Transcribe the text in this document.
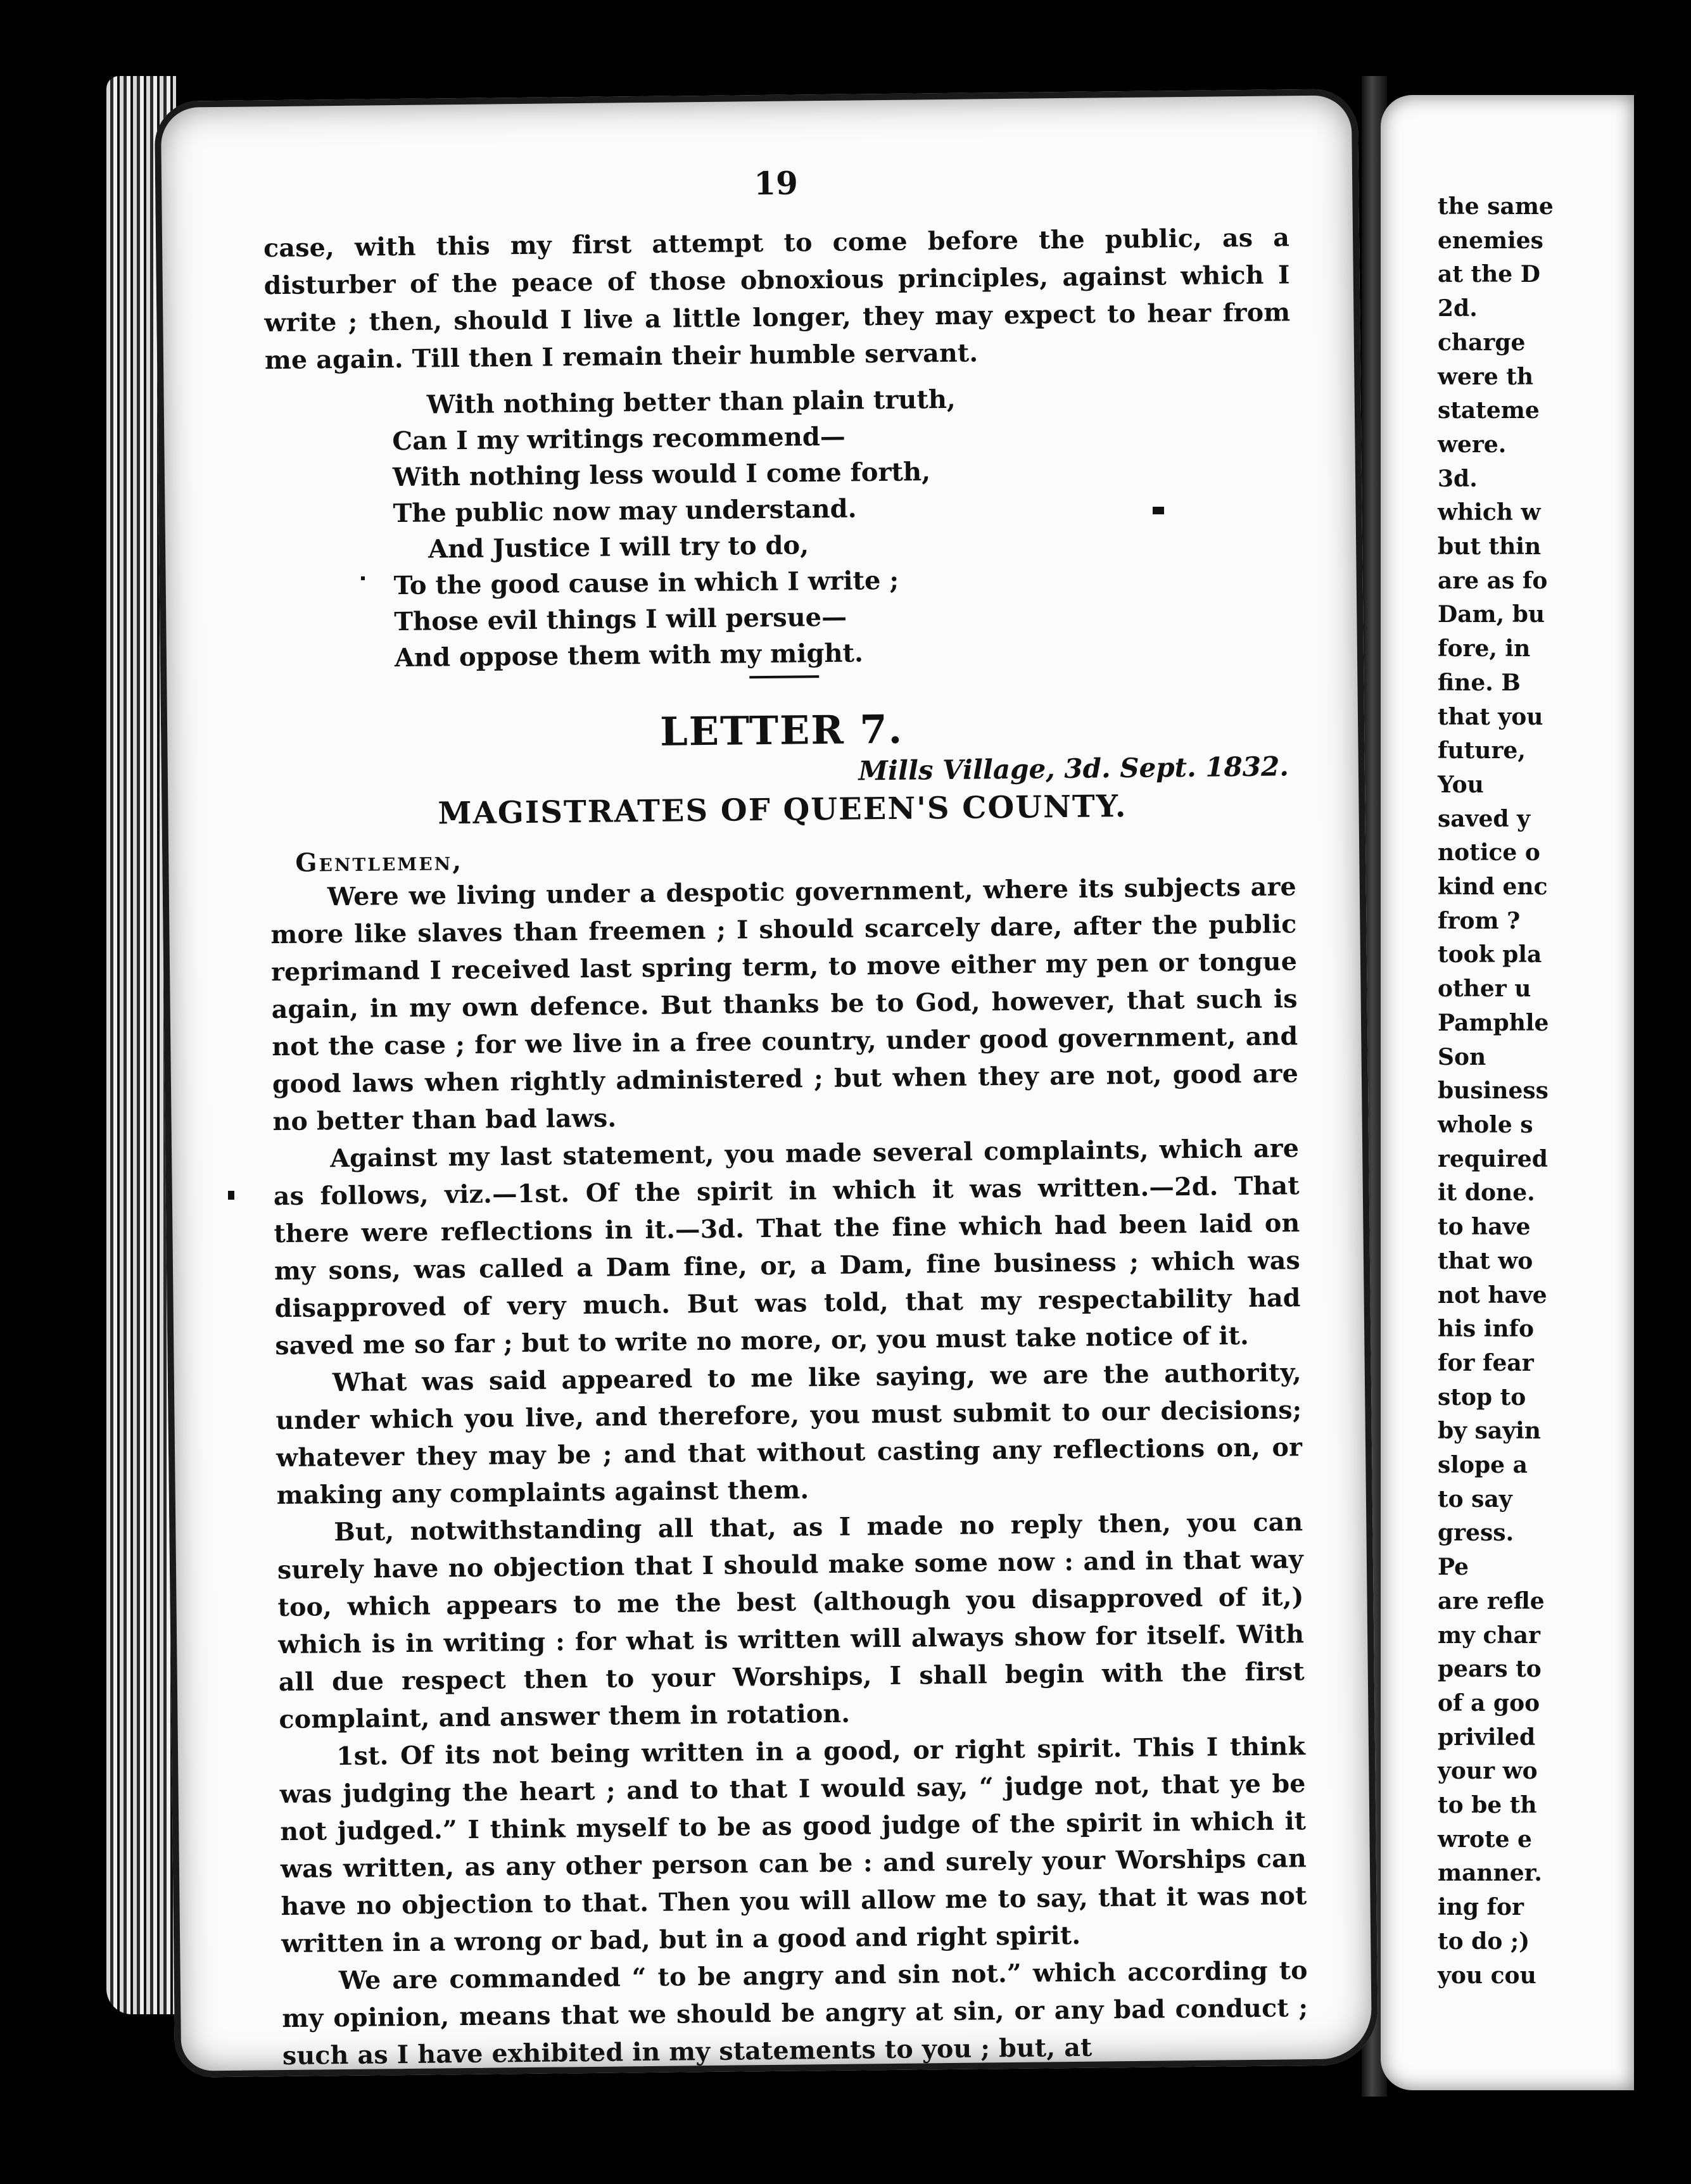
19

case, with this my first attempt to come before the public, as a disturber of the peace of those obnoxious principles, against which I write ; then, should I live a little longer, they may expect to hear from me again. Till then I remain their humble servant.

With nothing better than plain truth,
Can I my writings recommend—
With nothing less would I come forth,
The public now may understand.
And Justice I will try to do,
To the good cause in which I write ;
Those evil things I will persue—
And oppose them with my might.
LETTER 7.
Mills Village, 3d. Sept. 1832.
MAGISTRATES OF QUEEN'S COUNTY.
Gentlemen,

Were we living under a despotic government, where its subjects are more like slaves than freemen ; I should scarcely dare, after the public reprimand I received last spring term, to move either my pen or tongue again, in my own defence. But thanks be to God, however, that such is not the case ; for we live in a free country, under good government, and good laws when rightly administered ; but when they are not, good are no better than bad laws.

Against my last statement, you made several complaints, which are as follows, viz.—1st. Of the spirit in which it was written.—2d. That there were reflections in it.—3d. That the fine which had been laid on my sons, was called a Dam fine, or, a Dam, fine business ; which was disapproved of very much. But was told, that my respectability had saved me so far ; but to write no more, or, you must take notice of it.

What was said appeared to me like saying, we are the authority, under which you live, and therefore, you must submit to our decisions; whatever they may be ; and that without casting any reflections on, or making any complaints against them.

But, notwithstanding all that, as I made no reply then, you can surely have no objection that I should make some now : and in that way too, which appears to me the best (although you disapproved of it,) which is in writing : for what is written will always show for itself. With all due respect then to your Worships, I shall begin with the first complaint, and answer them in rotation.

1st. Of its not being written in a good, or right spirit. This I think was judging the heart ; and to that I would say, “ judge not, that ye be not judged.” I think myself to be as good judge of the spirit in which it was written, as any other person can be : and surely your Worships can have no objection to that. Then you will allow me to say, that it was not written in a wrong or bad, but in a good and right spirit.

We are commanded “ to be angry and sin not.” which according to my opinion, means that we should be angry at sin, or any bad conduct ; such as I have exhibited in my statements to you ; but, at

the same
enemies
at the D
2d.
charge
were th
stateme
were.
3d.
which w
but thin
are as fo
Dam, bu
fore, in
fine. B
that you
future,
You
saved y
notice o
kind enc
from ?
took pla
other u
Pamphle
Son
business
whole s
required
it done.
to have
that wo
not have
his info
for fear
stop to
by sayin
slope a
to say
gress.
Pe
are refle
my char
pears to
of a goo
priviled
your wo
to be th
wrote e
manner.
ing for
to do ;)
you cou
